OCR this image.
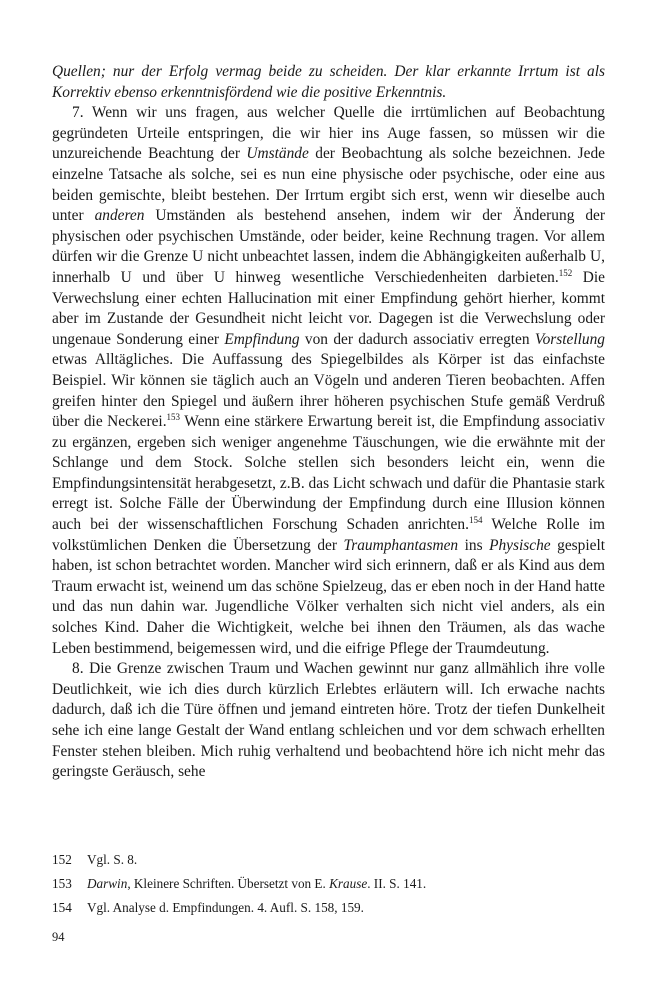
Quellen; nur der Erfolg vermag beide zu scheiden. Der klar erkannte Irrtum ist als Korrektiv ebenso erkenntnisfördend wie die positive Erkenntnis.

7. Wenn wir uns fragen, aus welcher Quelle die irrtümlichen auf Beobachtung gegründeten Urteile entspringen, die wir hier ins Auge fassen, so müssen wir die unzureichende Beachtung der Umstände der Beobachtung als solche bezeichnen. Jede einzelne Tatsache als solche, sei es nun eine physische oder psychische, oder eine aus beiden gemischte, bleibt bestehen. Der Irrtum ergibt sich erst, wenn wir dieselbe auch unter anderen Umständen als bestehend ansehen, indem wir der Änderung der physischen oder psychischen Umstände, oder beider, keine Rechnung tragen. Vor allem dürfen wir die Grenze U nicht unbeachtet lassen, indem die Abhängigkeiten außerhalb U, innerhalb U und über U hinweg wesentliche Verschiedenheiten darbieten.$^{152}$ Die Verwechslung einer echten Hallucination mit einer Empfindung gehört hierher, kommt aber im Zustande der Gesundheit nicht leicht vor. Dagegen ist die Verwechslung oder ungenaue Sonderung einer Empfindung von der dadurch associativ erregten Vorstellung etwas Alltägliches. Die Auffassung des Spiegelbildes als Körper ist das einfachste Beispiel. Wir können sie täglich auch an Vögeln und anderen Tieren beobachten. Affen greifen hinter den Spiegel und äußern ihrer höheren psychischen Stufe gemäß Verdruß über die Neckerei.$^{153}$ Wenn eine stärkere Erwartung bereit ist, die Empfindung associativ zu ergänzen, ergeben sich weniger angenehme Täuschungen, wie die erwähnte mit der Schlange und dem Stock. Solche stellen sich besonders leicht ein, wenn die Empfindungsintensität herabgesetzt, z.B. das Licht schwach und dafür die Phantasie stark erregt ist. Solche Fälle der Überwindung der Empfindung durch eine Illusion können auch bei der wissenschaftlichen Forschung Schaden anrichten.$^{154}$ Welche Rolle im volkstümlichen Denken die Übersetzung der Traumphantasmen ins Physische gespielt haben, ist schon betrachtet worden. Mancher wird sich erinnern, daß er als Kind aus dem Traum erwacht ist, weinend um das schöne Spielzeug, das er eben noch in der Hand hatte und das nun dahin war. Jugendliche Völker verhalten sich nicht viel anders, als ein solches Kind. Daher die Wichtigkeit, welche bei ihnen den Träumen, als das wache Leben bestimmend, beigemessen wird, und die eifrige Pflege der Traumdeutung.

8. Die Grenze zwischen Traum und Wachen gewinnt nur ganz allmählich ihre volle Deutlichkeit, wie ich dies durch kürzlich Erlebtes erläutern will. Ich erwache nachts dadurch, daß ich die Türe öffnen und jemand eintreten höre. Trotz der tiefen Dunkelheit sehe ich eine lange Gestalt der Wand entlang schleichen und vor dem schwach erhellten Fenster stehen bleiben. Mich ruhig verhaltend und beobachtend höre ich nicht mehr das geringste Geräusch, sehe

152	Vgl. S. 8.
153	Darwin, Kleinere Schriften. Übersetzt von E. Krause. II. S. 141.
154	Vgl. Analyse d. Empfindungen. 4. Aufl. S. 158, 159.
94
